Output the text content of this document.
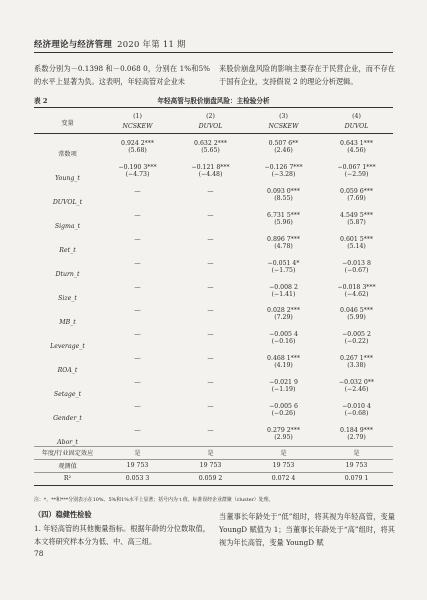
经济理论与经济管理 2020 年第 11 期
系数分别为－0.1398 和－0.068 0，分别在 1%和5%的水平上显著为负。这表明，年轻高管对企业未
来股价崩盘风险的影响主要存在于民营企业，而不存在于国有企业，支持假说 2 的理论分析逻辑。
表 2	年轻高管与股价崩盘风险：主检验分析
变量	(1)	(2)	(3)	(4)
	NCSKEW	DUVOL	NCSKEW	DUVOL
常数项	0.924 2***	0.632 2***	0.507 6**	0.643 1***
	(5.68)	(5.65)	(2.46)	(4.56)
Young_t	−0.190 3***	−0.121 8***	−0.126 7***	−0.067 1***
	(−4.73)	(−4.48)	(−3.28)	(−2.59)
DUVOL_t	—	—	0.093 0***	0.059 6***
			(8.55)	(7.69)
Sigma_t	—	—	6.731 5***	4.549 5***
			(5.96)	(5.87)
Ret_t	—	—	0.896 7***	0.601 5***
			(4.78)	(5.14)
Dturn_t	—	—	−0.051 4*	−0.013 8
			(−1.75)	(−0.67)
Size_t	—	—	−0.008 2	−0.018 3***
			(−1.41)	(−4.62)
MB_t	—	—	0.028 2***	0.046 5***
			(7.29)	(5.99)
Leverage_t	—	—	−0.005 4	−0.005 2
			(−0.16)	(−0.22)
ROA_t	—	—	0.468 1***	0.267 1***
			(4.19)	(3.38)
Setage_t	—	—	−0.021 9	−0.032 0**
			(−1.19)	(−2.46)
Gender_t	—	—	−0.005 6	−0.010 4
			(−0.26)	(−0.68)
Abor_t	—	—	0.279 2***	0.184 9***
			(2.95)	(2.79)
年度/行业固定效应	是	是	是	是
观测值	19 753	19 753	19 753	19 753
R²	0.053 3	0.059 2	0.072 4	0.079 1
注：*、**和***分别表示在10%、5%和1%水平上显著；括号内为 t 值，标准误经企业群聚（cluster）处理。
（四）稳健性检验
1. 年轻高管的其他衡量指标。根据年龄的分位数取值，本文将研究样本分为低、中、高三组。
当董事长年龄处于“低”组时，将其视为年轻高管，变量 YoungD 赋值为 1；当董事长年龄处于“高”组时，将其视为年长高管，变量 YoungD 赋
78
